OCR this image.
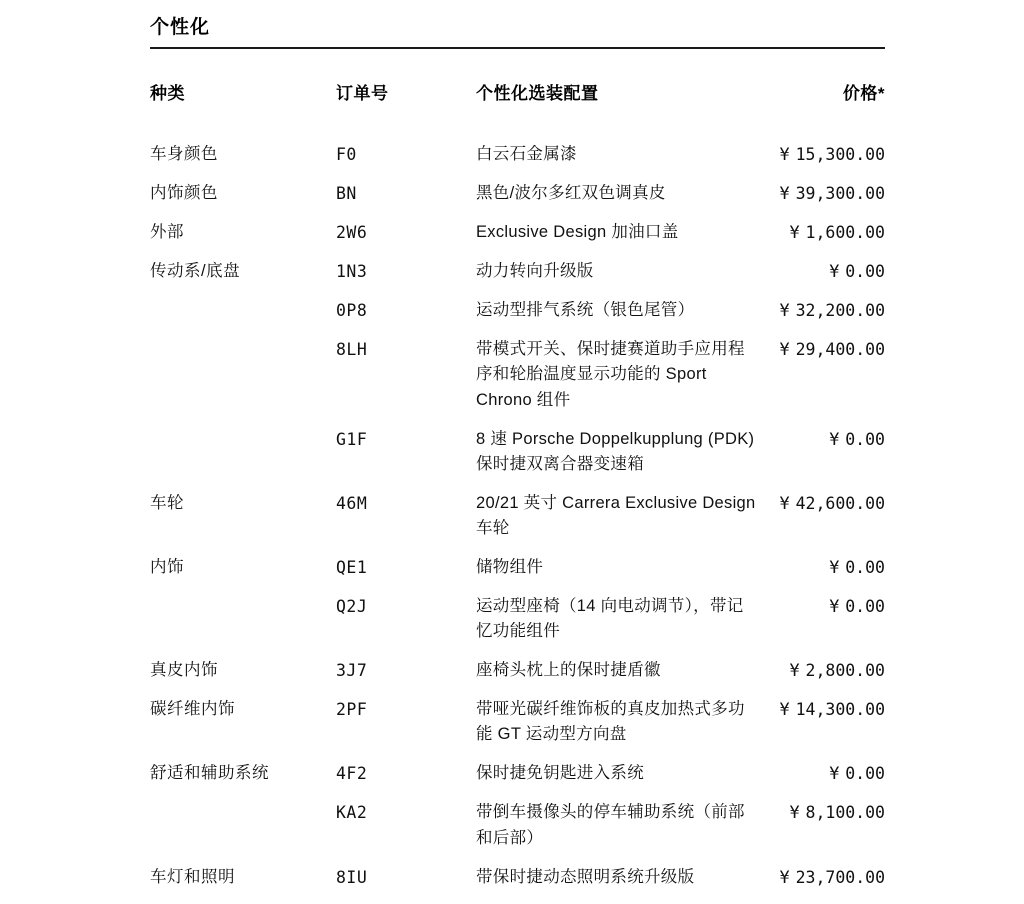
个性化
种类	订单号	个性化选装配置	价格*
车身颜色	F0	白云石金属漆	¥ 15,300.00
内饰颜色	BN	黑色/波尔多红双色调真皮	¥ 39,300.00
外部	2W6	Exclusive Design 加油口盖	¥ 1,600.00
传动系/底盘	1N3	动力转向升级版	¥ 0.00
	0P8	运动型排气系统（银色尾管）	¥ 32,200.00
	8LH	带模式开关、保时捷赛道助手应用程序和轮胎温度显示功能的 Sport Chrono 组件	¥ 29,400.00
	G1F	8 速 Porsche Doppelkupplung (PDK) 保时捷双离合器变速箱	¥ 0.00
车轮	46M	20/21 英寸 Carrera Exclusive Design 车轮	¥ 42,600.00
内饰	QE1	储物组件	¥ 0.00
	Q2J	运动型座椅（14 向电动调节），带记忆功能组件	¥ 0.00
真皮内饰	3J7	座椅头枕上的保时捷盾徽	¥ 2,800.00
碳纤维内饰	2PF	带哑光碳纤维饰板的真皮加热式多功能 GT 运动型方向盘	¥ 14,300.00
舒适和辅助系统	4F2	保时捷免钥匙进入系统	¥ 0.00
	KA2	带倒车摄像头的停车辅助系统（前部和后部）	¥ 8,100.00
车灯和照明	8IU	带保时捷动态照明系统升级版	¥ 23,700.00
